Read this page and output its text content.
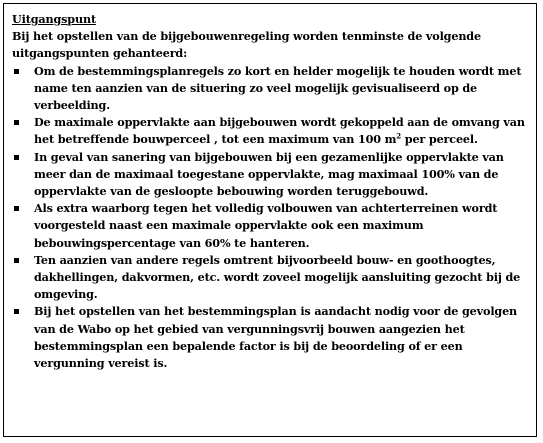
Uitgangspunt

Bij het opstellen van de bijgebouwenregeling worden tenminste de volgende uitgangspunten gehanteerd:

Om de bestemmingsplanregels zo kort en helder mogelijk te houden wordt met name ten aanzien van de situering zo veel mogelijk gevisualiseerd op de verbeelding.
De maximale oppervlakte aan bijgebouwen wordt gekoppeld aan de omvang van het betreffende bouwperceel , tot een maximum van 100 $m^2$ per perceel.
In geval van sanering van bijgebouwen bij een gezamenlijke oppervlakte van meer dan de maximaal toegestane oppervlakte, mag maximaal 100% van de oppervlakte van de gesloopte bebouwing worden teruggebouwd.
Als extra waarborg tegen het volledig volbouwen van achterterreinen wordt voorgesteld naast een maximale oppervlakte ook een maximum bebouwingspercentage van 60% te hanteren.
Ten aanzien van andere regels omtrent bijvoorbeeld bouw- en goothoogtes, dakhellingen, dakvormen, etc. wordt zoveel mogelijk aansluiting gezocht bij de omgeving.
Bij het opstellen van het bestemmingsplan is aandacht nodig voor de gevolgen van de Wabo op het gebied van vergunningsvrij bouwen aangezien het bestemmingsplan een bepalende factor is bij de beoordeling of er een vergunning vereist is.
